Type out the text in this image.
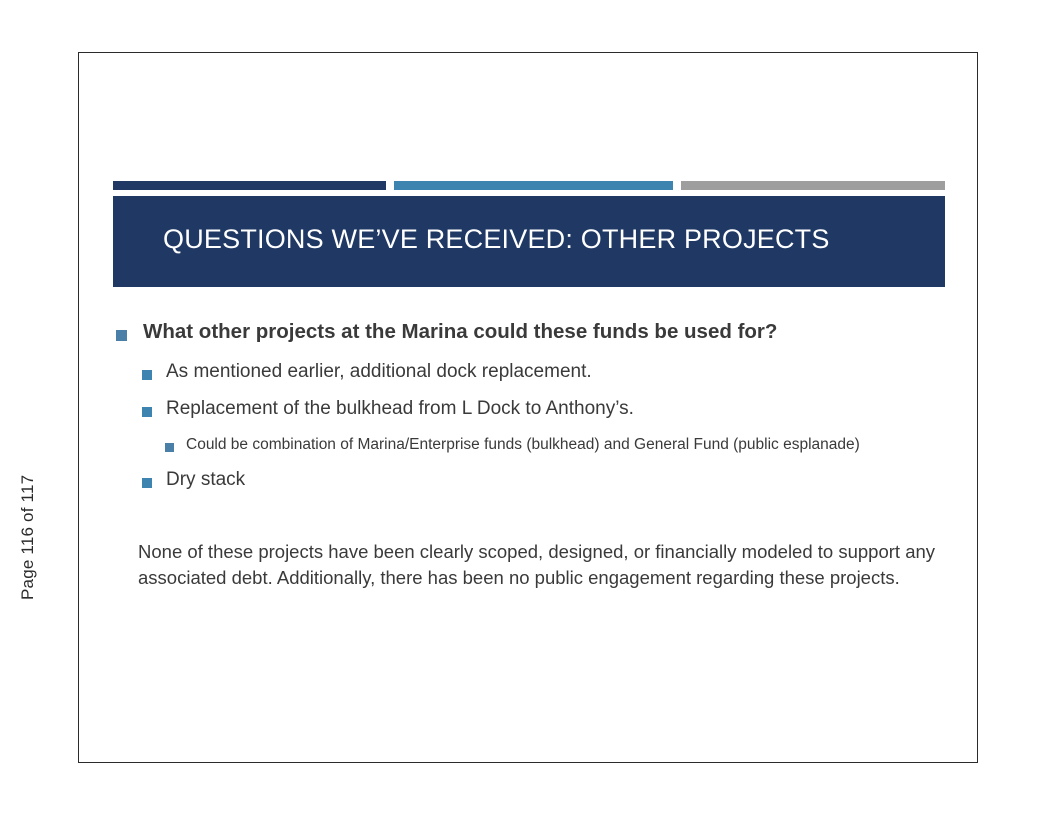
Page 116 of 117
QUESTIONS WE’VE RECEIVED: OTHER PROJECTS
What other projects at the Marina could these funds be used for?
As mentioned earlier, additional dock replacement.
Replacement of the bulkhead from L Dock to Anthony’s.
Could be combination of Marina/Enterprise funds (bulkhead) and General Fund (public esplanade)
Dry stack
None of these projects have been clearly scoped, designed, or financially modeled to support any associated debt. Additionally, there has been no public engagement regarding these projects.
